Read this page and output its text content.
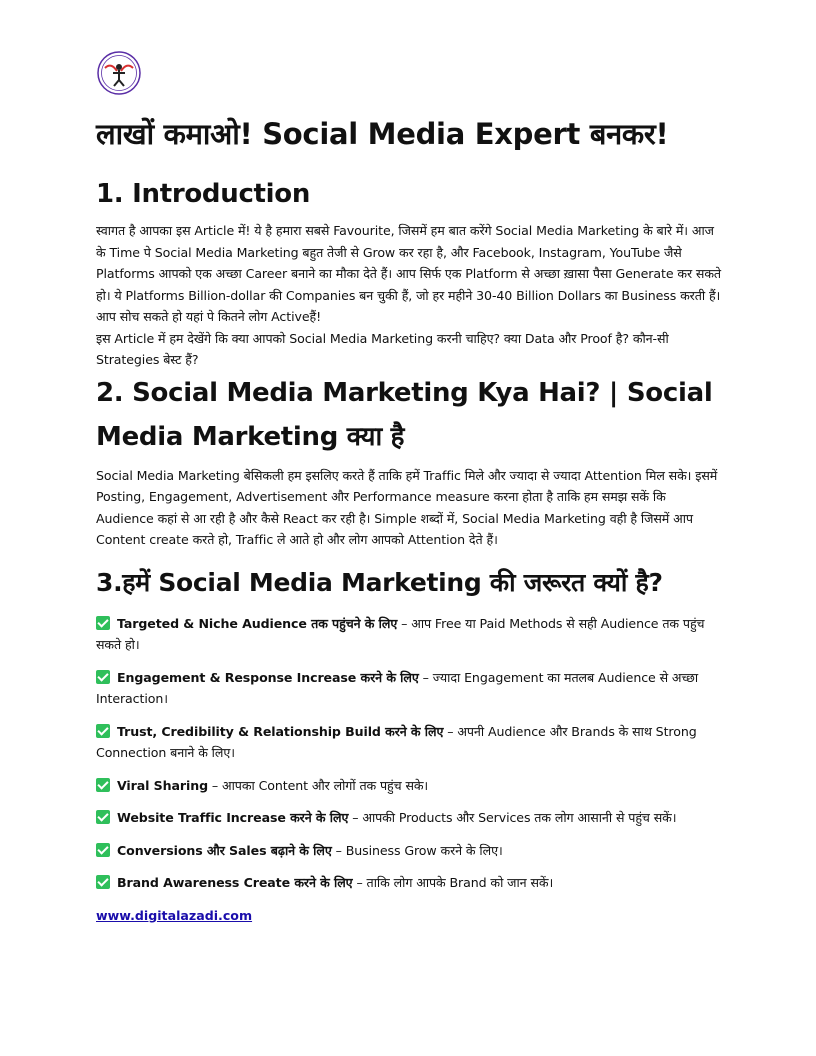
लाखों कमाओ! Social Media Expert बनकर!
1. Introduction

स्वागत है आपका इस Article में! ये है हमारा सबसे Favourite, जिसमें हम बात करेंगे Social Media Marketing के बारे में। आज के Time पे Social Media Marketing बहुत तेजी से Grow कर रहा है, और Facebook, Instagram, YouTube जैसे Platforms आपको एक अच्छा Career बनाने का मौका देते हैं। आप सिर्फ एक Platform से अच्छा ख़ासा पैसा Generate कर सकते हो। ये Platforms Billion-dollar की Companies बन चुकी हैं, जो हर महीने 30-40 Billion Dollars का Business करती हैं। आप सोच सकते हो यहां पे कितने लोग Activeहैं!

इस Article में हम देखेंगे कि क्या आपको Social Media Marketing करनी चाहिए? क्या Data और Proof है? कौन-सी Strategies बेस्ट हैं?

2. Social Media Marketing Kya Hai? | Social Media Marketing क्या है

Social Media Marketing बेसिकली हम इसलिए करते हैं ताकि हमें Traffic मिले और ज्यादा से ज्यादा Attention मिल सके। इसमें Posting, Engagement, Advertisement और Performance measure करना होता है ताकि हम समझ सकें कि Audience कहां से आ रही है और कैसे React कर रही है। Simple शब्दों में, Social Media Marketing वही है जिसमें आप Content create करते हो, Traffic ले आते हो और लोग आपको Attention देते हैं।

3.हमें Social Media Marketing की जरूरत क्यों है?

Targeted & Niche Audience तक पहुंचने के लिए – आप Free या Paid Methods से सही Audience तक पहुंच सकते हो।

Engagement & Response Increase करने के लिए – ज्यादा Engagement का मतलब Audience से अच्छा Interaction।

Trust, Credibility & Relationship Build करने के लिए – अपनी Audience और Brands के साथ Strong Connection बनाने के लिए।

Viral Sharing – आपका Content और लोगों तक पहुंच सके।

Website Traffic Increase करने के लिए – आपकी Products और Services तक लोग आसानी से पहुंच सकें।

Conversions और Sales बढ़ाने के लिए – Business Grow करने के लिए।

Brand Awareness Create करने के लिए – ताकि लोग आपके Brand को जान सकें।

www.digitalazadi.com
